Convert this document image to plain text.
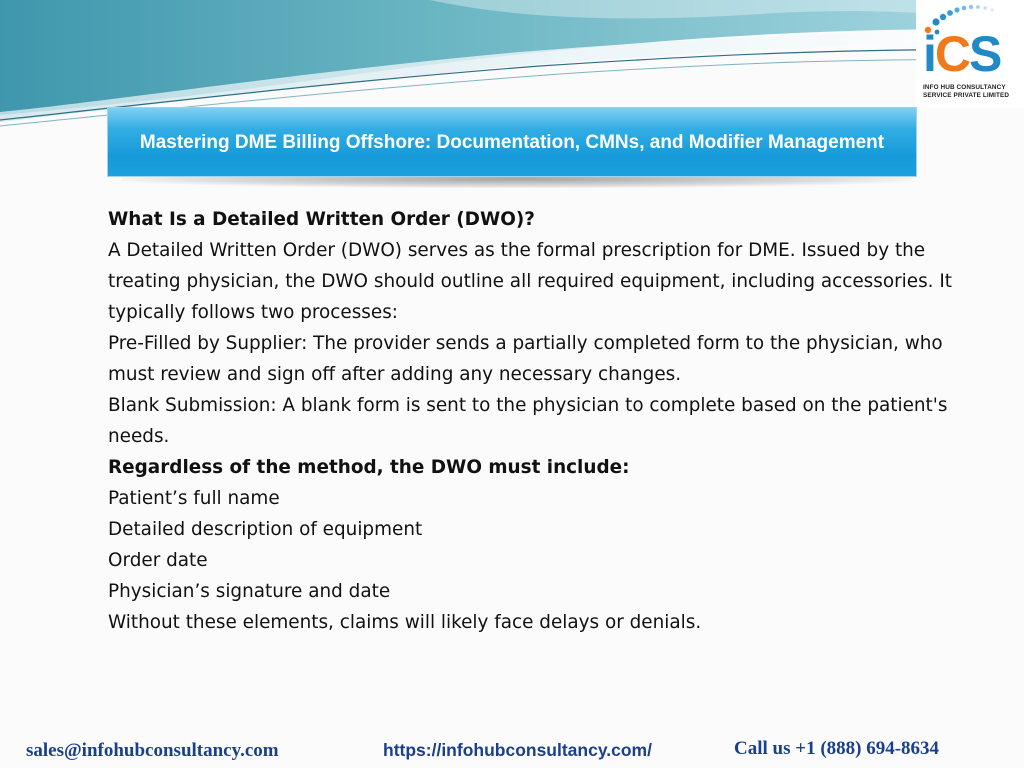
iCS
INFO HUB CONSULTANCY
SERVICE PRIVATE LIMITED
Mastering DME Billing Offshore: Documentation, CMNs, and Modifier Management

What Is a Detailed Written Order (DWO)?

A Detailed Written Order (DWO) serves as the formal prescription for DME. Issued by the treating physician, the DWO should outline all required equipment, including accessories. It typically follows two processes:

Pre-Filled by Supplier: The provider sends a partially completed form to the physician, who must review and sign off after adding any necessary changes.

Blank Submission: A blank form is sent to the physician to complete based on the patient's needs.

Regardless of the method, the DWO must include:

Patient’s full name

Detailed description of equipment

Order date

Physician’s signature and date

Without these elements, claims will likely face delays or denials.

sales@infohubconsultancy.com	https://infohubconsultancy.com/	Call us +1 (888) 694-8634
